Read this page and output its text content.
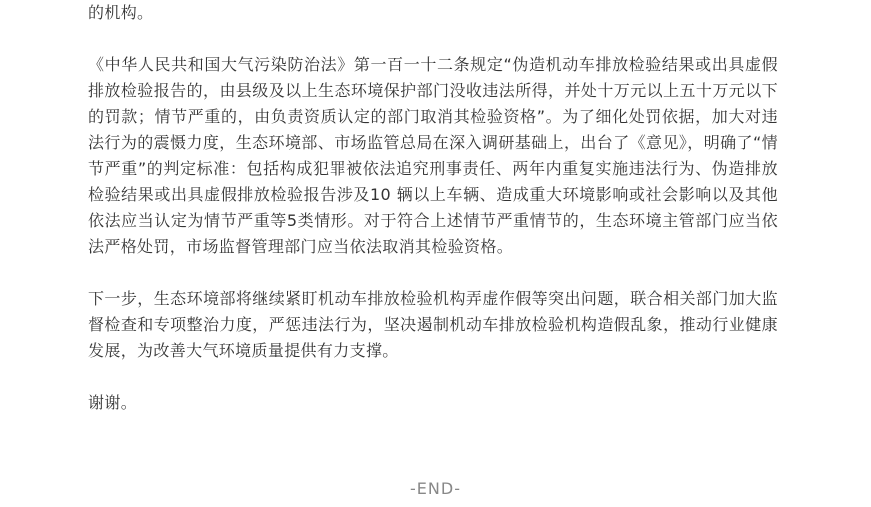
的机构。

《中华人民共和国大气污染防治法》第一百一十二条规定“伪造机动车排放检验结果或出具虚假排放检验报告的，由县级及以上生态环境保护部门没收违法所得，并处十万元以上五十万元以下的罚款；情节严重的，由负责资质认定的部门取消其检验资格”。为了细化处罚依据，加大对违法行为的震慑力度，生态环境部、市场监管总局在深入调研基础上，出台了《意见》，明确了“情节严重”的判定标准：包括构成犯罪被依法追究刑事责任、两年内重复实施违法行为、伪造排放检验结果或出具虚假排放检验报告涉及10 辆以上车辆、造成重大环境影响或社会影响以及其他依法应当认定为情节严重等5类情形。对于符合上述情节严重情节的，生态环境主管部门应当依法严格处罚，市场监督管理部门应当依法取消其检验资格。

下一步，生态环境部将继续紧盯机动车排放检验机构弄虚作假等突出问题，联合相关部门加大监督检查和专项整治力度，严惩违法行为，坚决遏制机动车排放检验机构造假乱象，推动行业健康发展，为改善大气环境质量提供有力支撑。

谢谢。

-END-
